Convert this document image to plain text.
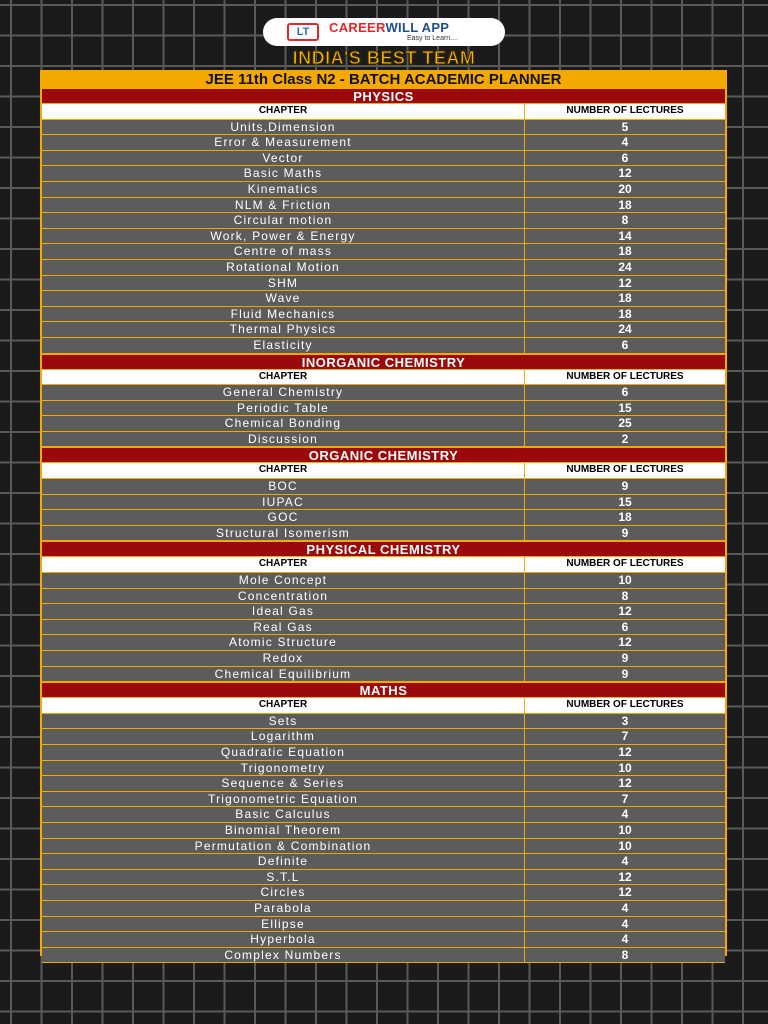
LT CAREERWILL APP
Easy to Learn....
INDIA'S BEST TEAM
JEE 11th Class N2 - BATCH ACADEMIC PLANNER
PHYSICS
CHAPTER	NUMBER OF LECTURES
Units,Dimension	5
Error & Measurement	4
Vector	6
Basic Maths	12
Kinematics	20
NLM & Friction	18
Circular motion	8
Work, Power & Energy	14
Centre of mass	18
Rotational Motion	24
SHM	12
Wave	18
Fluid Mechanics	18
Thermal Physics	24
Elasticity	6
INORGANIC CHEMISTRY
CHAPTER	NUMBER OF LECTURES
General Chemistry	6
Periodic Table	15
Chemical Bonding	25
Discussion	2
ORGANIC CHEMISTRY
CHAPTER	NUMBER OF LECTURES
BOC	9
IUPAC	15
GOC	18
Structural Isomerism	9
PHYSICAL CHEMISTRY
CHAPTER	NUMBER OF LECTURES
Mole Concept	10
Concentration	8
Ideal Gas	12
Real Gas	6
Atomic Structure	12
Redox	9
Chemical Equilibrium	9
MATHS
CHAPTER	NUMBER OF LECTURES
Sets	3
Logarithm	7
Quadratic Equation	12
Trigonometry	10
Sequence & Series	12
Trigonometric Equation	7
Basic Calculus	4
Binomial Theorem	10
Permutation & Combination	10
Definite	4
S.T.L	12
Circles	12
Parabola	4
Ellipse	4
Hyperbola	4
Complex Numbers	8
